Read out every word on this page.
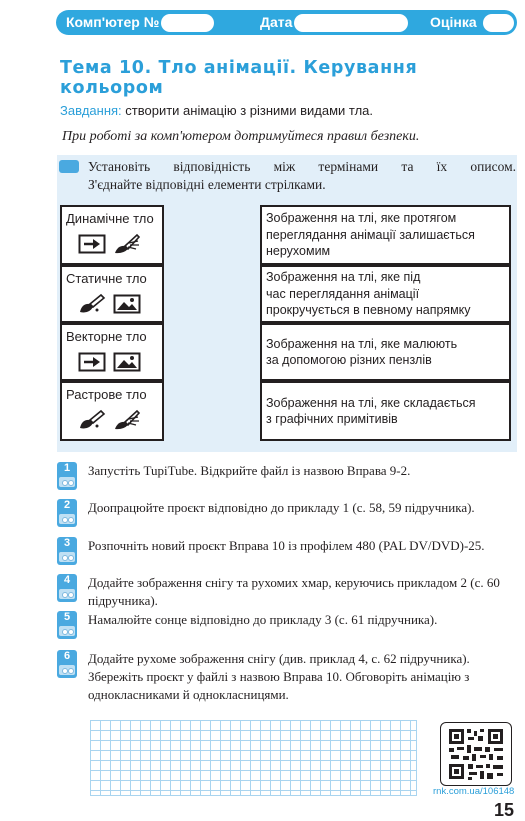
Комп'ютер №	Дата	Оцінка
Тема 10. Тло анімації. Керування кольором
Завдання: створити анімацію з різними видами тла.
При роботі за комп'ютером дотримуйтеся правил безпеки.
Установіть відповідність між термінами та їх описом.
З'єднайте відповідні елементи стрілками.
Динамічне тло
Статичне тло
Векторне тло
Растрове тло
Зображення на тлі, яке протягом
переглядання анімації залишається
нерухомим
Зображення на тлі, яке під
час переглядання анімації
прокручується в певному напрямку
Зображення на тлі, яке малюють
за допомогою різних пензлів
Зображення на тлі, яке складається
з графічних примітивів
1	Запустіть TupiTube. Відкрийте файл із назвою Вправа 9-2.
2	Доопрацюйте проєкт відповідно до прикладу 1 (с. 58, 59 підручника).
3	Розпочніть новий проєкт Вправа 10 із профілем 480 (PAL DV/DVD)-25.
4	Додайте зображення снігу та рухомих хмар, керуючись прикладом 2 (с. 60 підручника).
5	Намалюйте сонце відповідно до прикладу 3 (с. 61 підручника).
6	Додайте рухоме зображення снігу (див. приклад 4, с. 62 підручника). Збережіть проєкт у файлі з назвою Вправа 10. Обговоріть анімацію з однокласниками й однокласницями.
rnk.com.ua/106148
15
